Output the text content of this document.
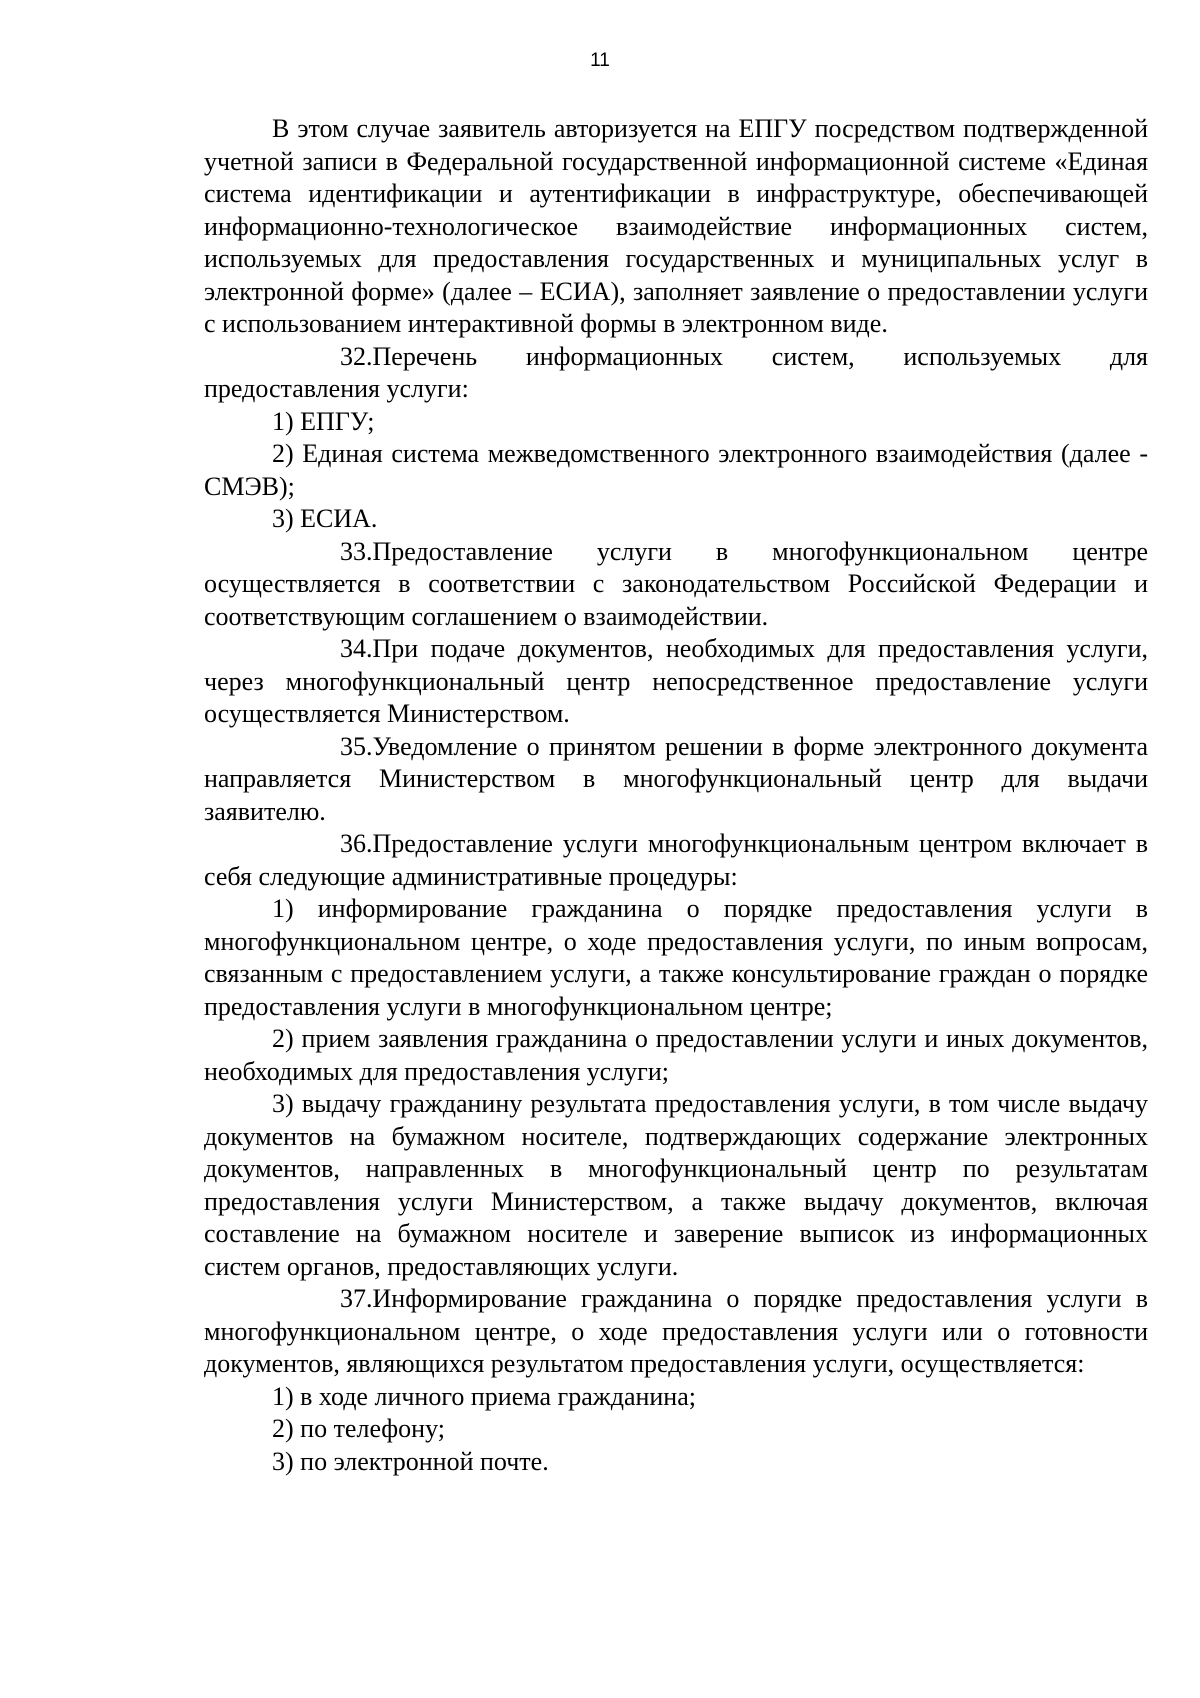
11

В этом случае заявитель авторизуется на ЕПГУ посредством подтвержденной учетной записи в Федеральной государственной информационной системе «Единая система идентификации и аутентификации в инфраструктуре, обеспечивающей информационно-технологическое взаимодействие информационных систем, используемых для предоставления государственных и муниципальных услуг в электронной форме» (далее – ЕСИА), заполняет заявление о предоставлении услуги с использованием интерактивной формы в электронном виде.

32.Перечень информационных систем, используемых для предоставления услуги:

1) ЕПГУ;

2) Единая система межведомственного электронного взаимодействия (далее - СМЭВ);

3) ЕСИА.

33.Предоставление услуги в многофункциональном центре осуществляется в соответствии с законодательством Российской Федерации и соответствующим соглашением о взаимодействии.

34.При подаче документов, необходимых для предоставления услуги, через многофункциональный центр непосредственное предоставление услуги осуществляется Министерством.

35.Уведомление о принятом решении в форме электронного документа направляется Министерством в многофункциональный центр для выдачи заявителю.

36.Предоставление услуги многофункциональным центром включает в себя следующие административные процедуры:

1) информирование гражданина о порядке предоставления услуги в многофункциональном центре, о ходе предоставления услуги, по иным вопросам, связанным с предоставлением услуги, а также консультирование граждан о порядке предоставления услуги в многофункциональном центре;

2) прием заявления гражданина о предоставлении услуги и иных документов, необходимых для предоставления услуги;

3) выдачу гражданину результата предоставления услуги, в том числе выдачу документов на бумажном носителе, подтверждающих содержание электронных документов, направленных в многофункциональный центр по результатам предоставления услуги Министерством, а также выдачу документов, включая составление на бумажном носителе и заверение выписок из информационных систем органов, предоставляющих услуги.

37.Информирование гражданина о порядке предоставления услуги в многофункциональном центре, о ходе предоставления услуги или о готовности документов, являющихся результатом предоставления услуги, осуществляется:

1) в ходе личного приема гражданина;

2) по телефону;

3) по электронной почте.
